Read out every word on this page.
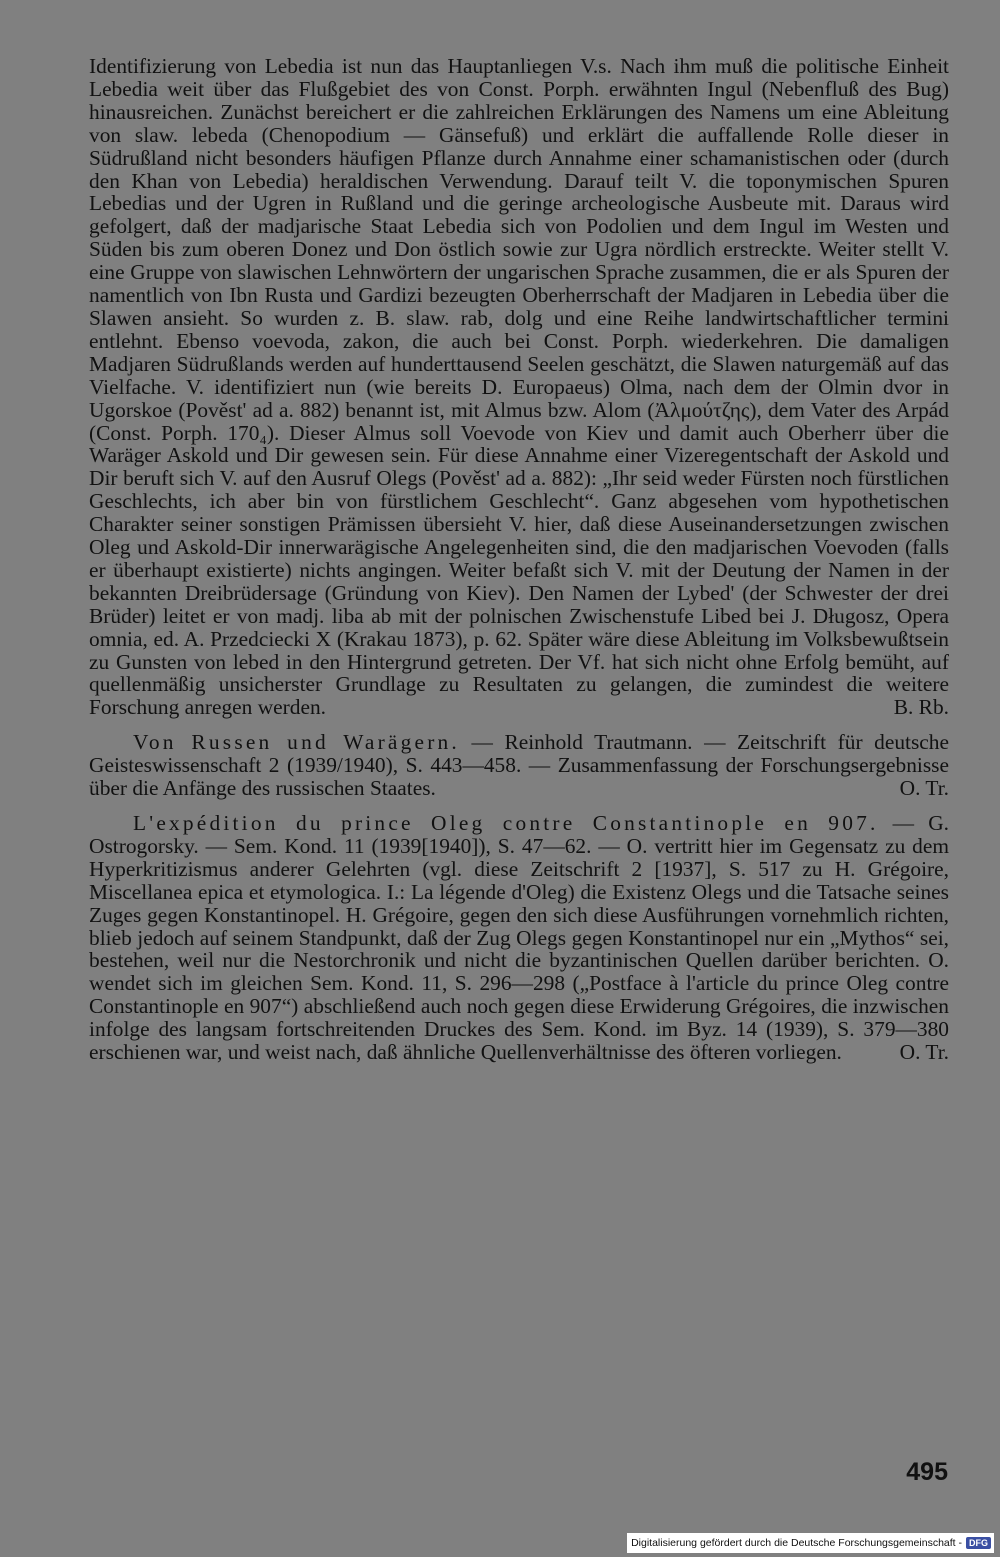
Identifizierung von Lebedia ist nun das Hauptanliegen V.s. Nach ihm muß die politische Einheit Lebedia weit über das Flußgebiet des von Const. Porph. erwähnten Ingul (Nebenfluß des Bug) hinausreichen. Zunächst bereichert er die zahlreichen Erklärungen des Namens um eine Ableitung von slaw. lebeda (Chenopodium — Gänsefuß) und erklärt die auffallende Rolle dieser in Südrußland nicht besonders häufigen Pflanze durch Annahme einer schamanistischen oder (durch den Khan von Lebedia) heraldischen Verwendung. Darauf teilt V. die toponymischen Spuren Lebedias und der Ugren in Rußland und die geringe archeologische Ausbeute mit. Daraus wird gefolgert, daß der madjarische Staat Lebedia sich von Podolien und dem Ingul im Westen und Süden bis zum oberen Donez und Don östlich sowie zur Ugra nördlich erstreckte. Weiter stellt V. eine Gruppe von slawischen Lehnwörtern der ungarischen Sprache zusammen, die er als Spuren der namentlich von Ibn Rusta und Gardizi bezeugten Oberherrschaft der Madjaren in Lebedia über die Slawen ansieht. So wurden z. B. slaw. rab, dolg und eine Reihe landwirtschaftlicher termini entlehnt. Ebenso voevoda, zakon, die auch bei Const. Porph. wiederkehren. Die damaligen Madjaren Südrußlands werden auf hunderttausend Seelen geschätzt, die Slawen naturgemäß auf das Vielfache. V. identifiziert nun (wie bereits D. Europaeus) Olma, nach dem der Olmin dvor in Ugorskoe (Pověst' ad a. 882) benannt ist, mit Almus bzw. Alom (Ἀλμούτζης), dem Vater des Arpád (Const. Porph. 170₄). Dieser Almus soll Voevode von Kiev und damit auch Oberherr über die Waräger Askold und Dir gewesen sein. Für diese Annahme einer Vizeregentschaft der Askold und Dir beruft sich V. auf den Ausruf Olegs (Pověst' ad a. 882): „Ihr seid weder Fürsten noch fürstlichen Geschlechts, ich aber bin von fürstlichem Geschlecht“. Ganz abgesehen vom hypothetischen Charakter seiner sonstigen Prämissen übersieht V. hier, daß diese Auseinandersetzungen zwischen Oleg und Askold-Dir innerwarägische Angelegenheiten sind, die den madjarischen Voevoden (falls er überhaupt existierte) nichts angingen. Weiter befaßt sich V. mit der Deutung der Namen in der bekannten Dreibrüdersage (Gründung von Kiev). Den Namen der Lybed' (der Schwester der drei Brüder) leitet er von madj. liba ab mit der polnischen Zwischenstufe Libed bei J. Długosz, Opera omnia, ed. A. Przedciecki X (Krakau 1873), p. 62. Später wäre diese Ableitung im Volksbewußtsein zu Gunsten von lebed in den Hintergrund getreten. Der Vf. hat sich nicht ohne Erfolg bemüht, auf quellenmäßig unsicherster Grundlage zu Resultaten zu gelangen, die zumindest die weitere Forschung anregen werden.	B. Rb.

Von Russen und Warägern. — Reinhold Trautmann. — Zeitschrift für deutsche Geisteswissenschaft 2 (1939/1940), S. 443—458. — Zusammenfassung der Forschungsergebnisse über die Anfänge des russischen Staates.	O. Tr.

L'expédition du prince Oleg contre Constantinople en 907. — G. Ostrogorsky. — Sem. Kond. 11 (1939[1940]), S. 47—62. — O. vertritt hier im Gegensatz zu dem Hyperkritizismus anderer Gelehrten (vgl. diese Zeitschrift 2 [1937], S. 517 zu H. Grégoire, Miscellanea epica et etymologica. I.: La légende d'Oleg) die Existenz Olegs und die Tatsache seines Zuges gegen Konstantinopel. H. Grégoire, gegen den sich diese Ausführungen vornehmlich richten, blieb jedoch auf seinem Standpunkt, daß der Zug Olegs gegen Konstantinopel nur ein „Mythos“ sei, bestehen, weil nur die Nestorchronik und nicht die byzantinischen Quellen darüber berichten. O. wendet sich im gleichen Sem. Kond. 11, S. 296—298 („Postface à l'article du prince Oleg contre Constantinople en 907“) abschließend auch noch gegen diese Erwiderung Grégoires, die inzwischen infolge des langsam fortschreitenden Druckes des Sem. Kond. im Byz. 14 (1939), S. 379—380 erschienen war, und weist nach, daß ähnliche Quellenverhältnisse des öfteren vorliegen.	O. Tr.

495
Digitalisierung gefördert durch die Deutsche Forschungsgemeinschaft - DFG
